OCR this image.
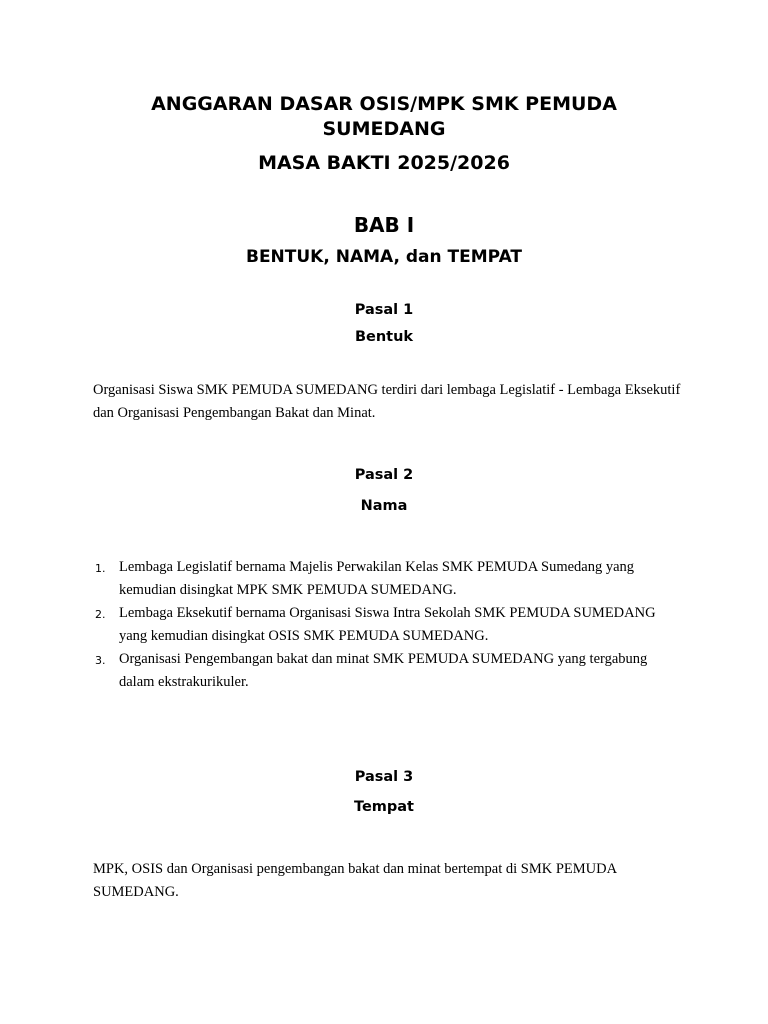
ANGGARAN DASAR OSIS/MPK SMK PEMUDA SUMEDANG
MASA BAKTI 2025/2026
BAB I
BENTUK, NAMA, dan TEMPAT
Pasal 1
Bentuk
Organisasi Siswa SMK PEMUDA SUMEDANG terdiri dari lembaga Legislatif - Lembaga Eksekutif dan Organisasi Pengembangan Bakat dan Minat.
Pasal 2
Nama
1. Lembaga Legislatif bernama Majelis Perwakilan Kelas SMK PEMUDA Sumedang yang kemudian disingkat MPK SMK PEMUDA SUMEDANG.
2. Lembaga Eksekutif bernama Organisasi Siswa Intra Sekolah SMK PEMUDA SUMEDANG yang kemudian disingkat OSIS SMK PEMUDA SUMEDANG.
3. Organisasi Pengembangan bakat dan minat SMK PEMUDA SUMEDANG yang tergabung dalam ekstrakurikuler.
Pasal 3
Tempat
MPK, OSIS dan Organisasi pengembangan bakat dan minat bertempat di SMK PEMUDA SUMEDANG.
